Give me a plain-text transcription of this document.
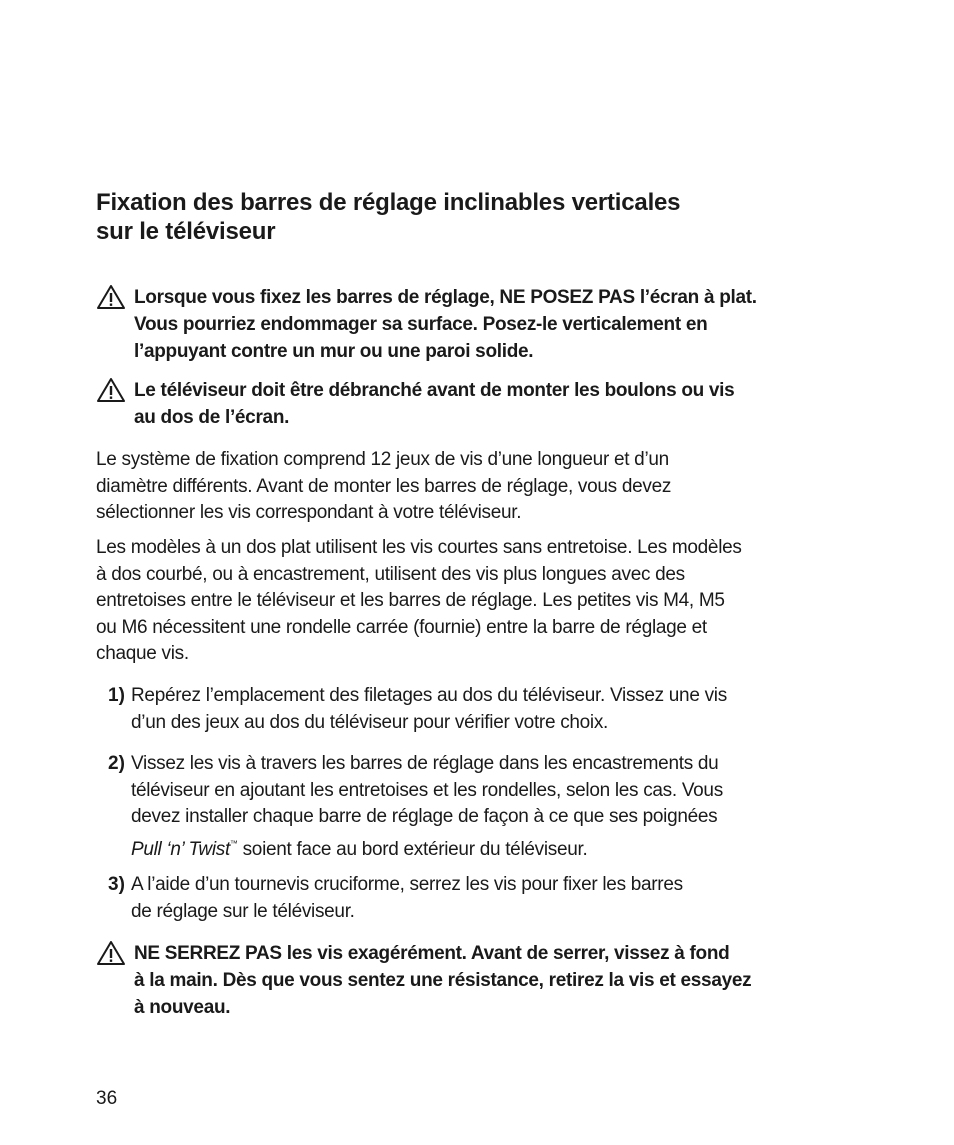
Fixation des barres de réglage inclinables verticales
sur le téléviseur

Lorsque vous fixez les barres de réglage, NE POSEZ PAS l’écran à plat.
Vous pourriez endommager sa surface. Posez-le verticalement en
l’appuyant contre un mur ou une paroi solide.

Le téléviseur doit être débranché avant de monter les boulons ou vis
au dos de l’écran.

Le système de fixation comprend 12 jeux de vis d’une longueur et d’un
diamètre différents. Avant de monter les barres de réglage, vous devez
sélectionner les vis correspondant à votre téléviseur.

Les modèles à un dos plat utilisent les vis courtes sans entretoise. Les modèles
à dos courbé, ou à encastrement, utilisent des vis plus longues avec des
entretoises entre le téléviseur et les barres de réglage. Les petites vis M4, M5
ou M6 nécessitent une rondelle carrée (fournie) entre la barre de réglage et
chaque vis.

1) Repérez l’emplacement des filetages au dos du téléviseur. Vissez une vis
d’un des jeux au dos du téléviseur pour vérifier votre choix.

2) Vissez les vis à travers les barres de réglage dans les encastrements du
téléviseur en ajoutant les entretoises et les rondelles, selon les cas. Vous
devez installer chaque barre de réglage de façon à ce que ses poignées
Pull ‘n’ Twist™ soient face au bord extérieur du téléviseur.

3) A l’aide d’un tournevis cruciforme, serrez les vis pour fixer les barres
de réglage sur le téléviseur.

NE SERREZ PAS les vis exagérément. Avant de serrer, vissez à fond
à la main. Dès que vous sentez une résistance, retirez la vis et essayez
à nouveau.

36
